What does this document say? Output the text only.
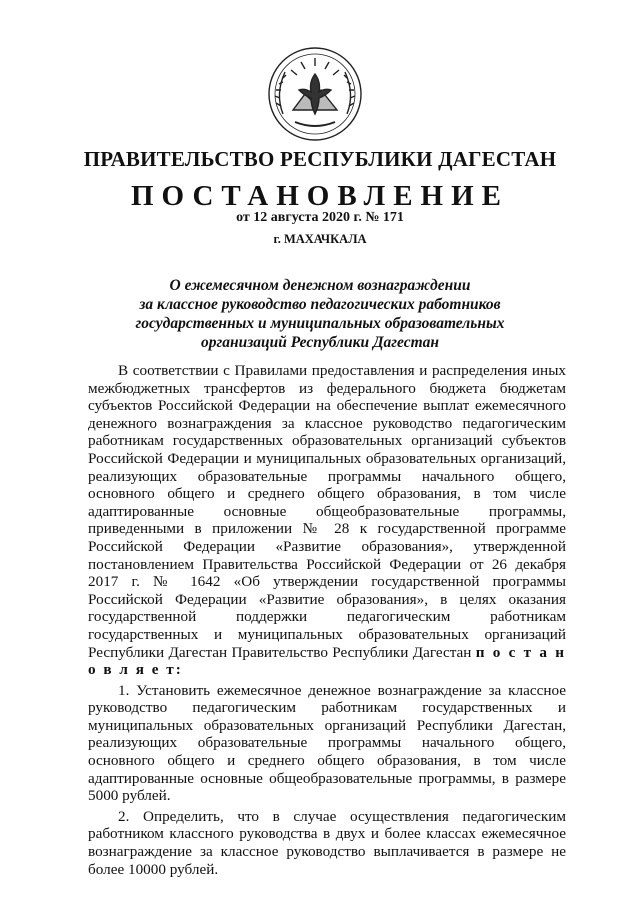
ПРАВИТЕЛЬСТВО РЕСПУБЛИКИ ДАГЕСТАН
ПОСТАНОВЛЕНИЕ
от 12 августа 2020 г. № 171
г. МАХАЧКАЛА
О ежемесячном денежном вознаграждении
за классное руководство педагогических работников
государственных и муниципальных образовательных
организаций Республики Дагестан

В соответствии с Правилами предоставления и распределения иных межбюджетных трансфертов из федерального бюджета бюджетам субъектов Российской Федерации на обеспечение выплат ежемесячного денежного вознаграждения за классное руководство педагогическим работникам государственных образовательных организаций субъектов Российской Федерации и муниципальных образовательных организаций, реализующих образовательные программы начального общего, основного общего и среднего общего образования, в том числе адаптированные основные общеобразовательные программы, приведенными в приложении № 28 к государственной программе Российской Федерации «Развитие образования», утвержденной постановлением Правительства Российской Федерации от 26 декабря 2017 г. № 1642 «Об утверждении государственной программы Российской Федерации «Развитие образования», в целях оказания государственной поддержки педагогическим работникам государственных и муниципальных образовательных организаций Республики Дагестан Правительство Республики Дагестан п о с т а н о в л я е т:

1. Установить ежемесячное денежное вознаграждение за классное руководство педагогическим работникам государственных и муниципальных образовательных организаций Республики Дагестан, реализующих образовательные программы начального общего, основного общего и среднего общего образования, в том числе адаптированные основные общеобразовательные программы, в размере 5000 рублей.

2. Определить, что в случае осуществления педагогическим работником классного руководства в двух и более классах ежемесячное вознаграждение за классное руководство выплачивается в размере не более 10000 рублей.
